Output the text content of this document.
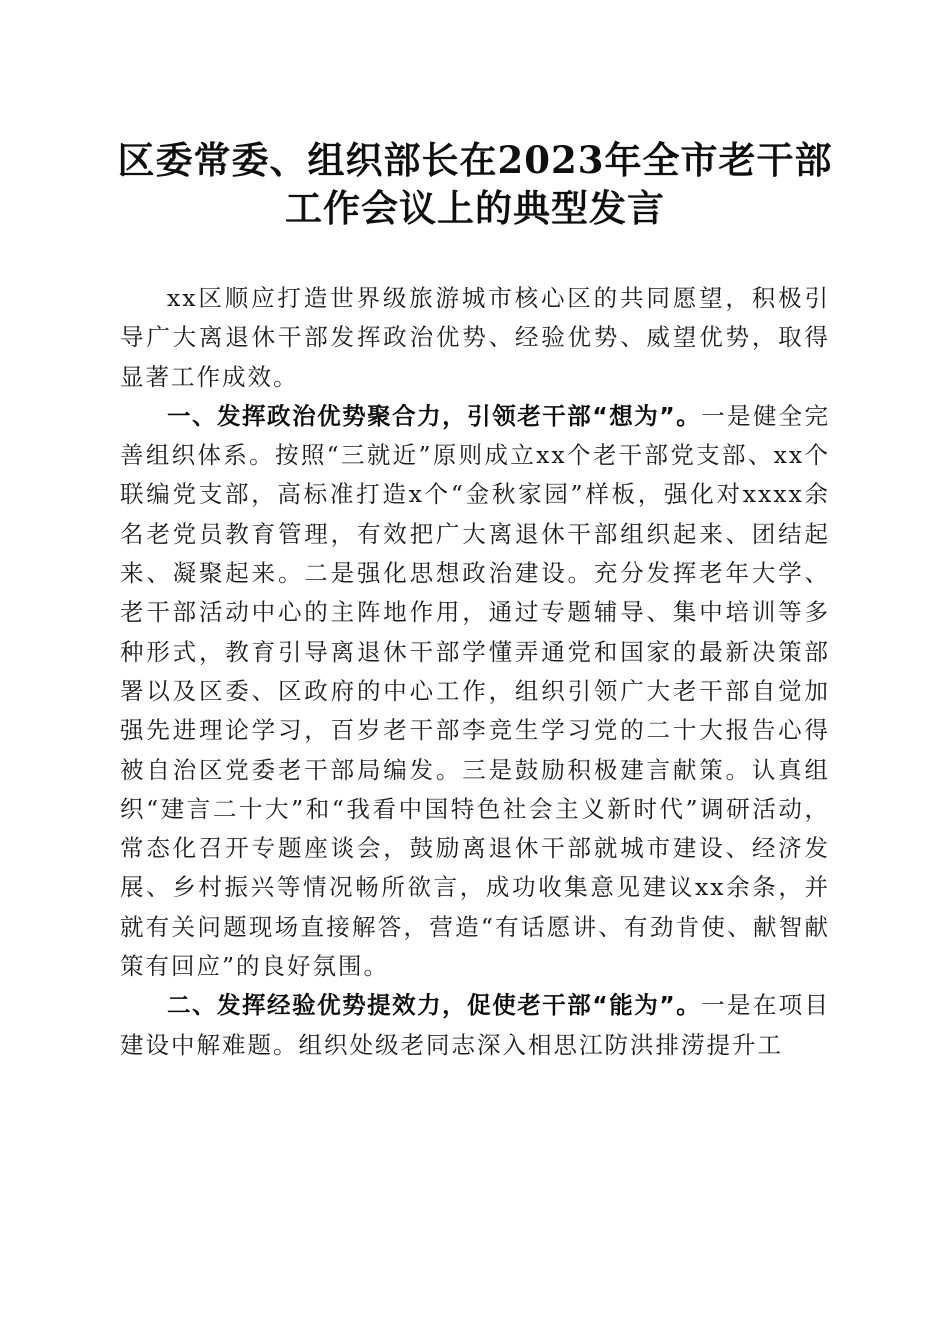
区委常委、组织部长在2023年全市老干部工作会议上的典型发言

xx区顺应打造世界级旅游城市核心区的共同愿望，积极引导广大离退休干部发挥政治优势、经验优势、威望优势，取得显著工作成效。

一、发挥政治优势聚合力，引领老干部“想为”。一是健全完善组织体系。按照“三就近”原则成立xx个老干部党支部、xx个联编党支部，高标准打造x个“金秋家园”样板，强化对xxxx余名老党员教育管理，有效把广大离退休干部组织起来、团结起来、凝聚起来。二是强化思想政治建设。充分发挥老年大学、老干部活动中心的主阵地作用，通过专题辅导、集中培训等多种形式，教育引导离退休干部学懂弄通党和国家的最新决策部署以及区委、区政府的中心工作，组织引领广大老干部自觉加强先进理论学习，百岁老干部李竞生学习党的二十大报告心得被自治区党委老干部局编发。三是鼓励积极建言献策。认真组织“建言二十大”和“我看中国特色社会主义新时代”调研活动，常态化召开专题座谈会，鼓励离退休干部就城市建设、经济发展、乡村振兴等情况畅所欲言，成功收集意见建议xx余条，并就有关问题现场直接解答，营造“有话愿讲、有劲肯使、献智献策有回应”的良好氛围。

二、发挥经验优势提效力，促使老干部“能为”。一是在项目建设中解难题。组织处级老同志深入相思江防洪排涝提升工
